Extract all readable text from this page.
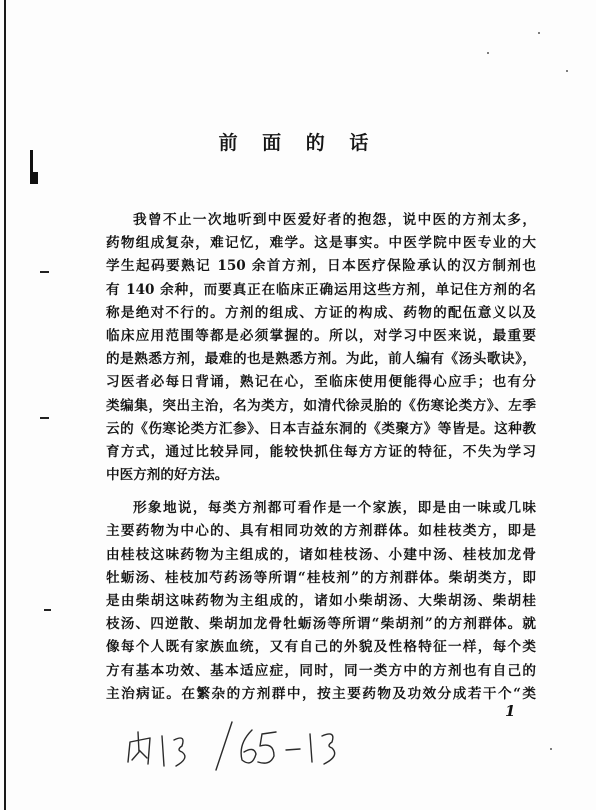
前 面 的 话
我曾不止一次地听到中医爱好者的抱怨，说中医的方剂太多，
药物组成复杂，难记忆，难学。这是事实。中医学院中医专业的大
学生起码要熟记 150 余首方剂，日本医疗保险承认的汉方制剂也
有 140 余种，而要真正在临床正确运用这些方剂，单记住方剂的名
称是绝对不行的。方剂的组成、方证的构成、药物的配伍意义以及
临床应用范围等都是必须掌握的。所以，对学习中医来说，最重要
的是熟悉方剂，最难的也是熟悉方剂。为此，前人编有《汤头歌诀》，
习医者必每日背诵，熟记在心，至临床使用便能得心应手；也有分
类编集，突出主治，名为类方，如清代徐灵胎的《伤寒论类方》、左季
云的《伤寒论类方汇参》、日本吉益东洞的《类聚方》等皆是。这种教
育方式，通过比较异同，能较快抓住每方方证的特征，不失为学习
中医方剂的好方法。
形象地说，每类方剂都可看作是一个家族，即是由一味或几味
主要药物为中心的、具有相同功效的方剂群体。如桂枝类方，即是
由桂枝这味药物为主组成的，诸如桂枝汤、小建中汤、桂枝加龙骨
牡蛎汤、桂枝加芍药汤等所谓“桂枝剂”的方剂群体。柴胡类方，即
是由柴胡这味药物为主组成的，诸如小柴胡汤、大柴胡汤、柴胡桂
枝汤、四逆散、柴胡加龙骨牡蛎汤等所谓“柴胡剂”的方剂群体。就
像每个人既有家族血统，又有自己的外貌及性格特征一样，每个类
方有基本功效、基本适应症，同时，同一类方中的方剂也有自己的
主治病证。在繁杂的方剂群中，按主要药物及功效分成若干个“类
1
